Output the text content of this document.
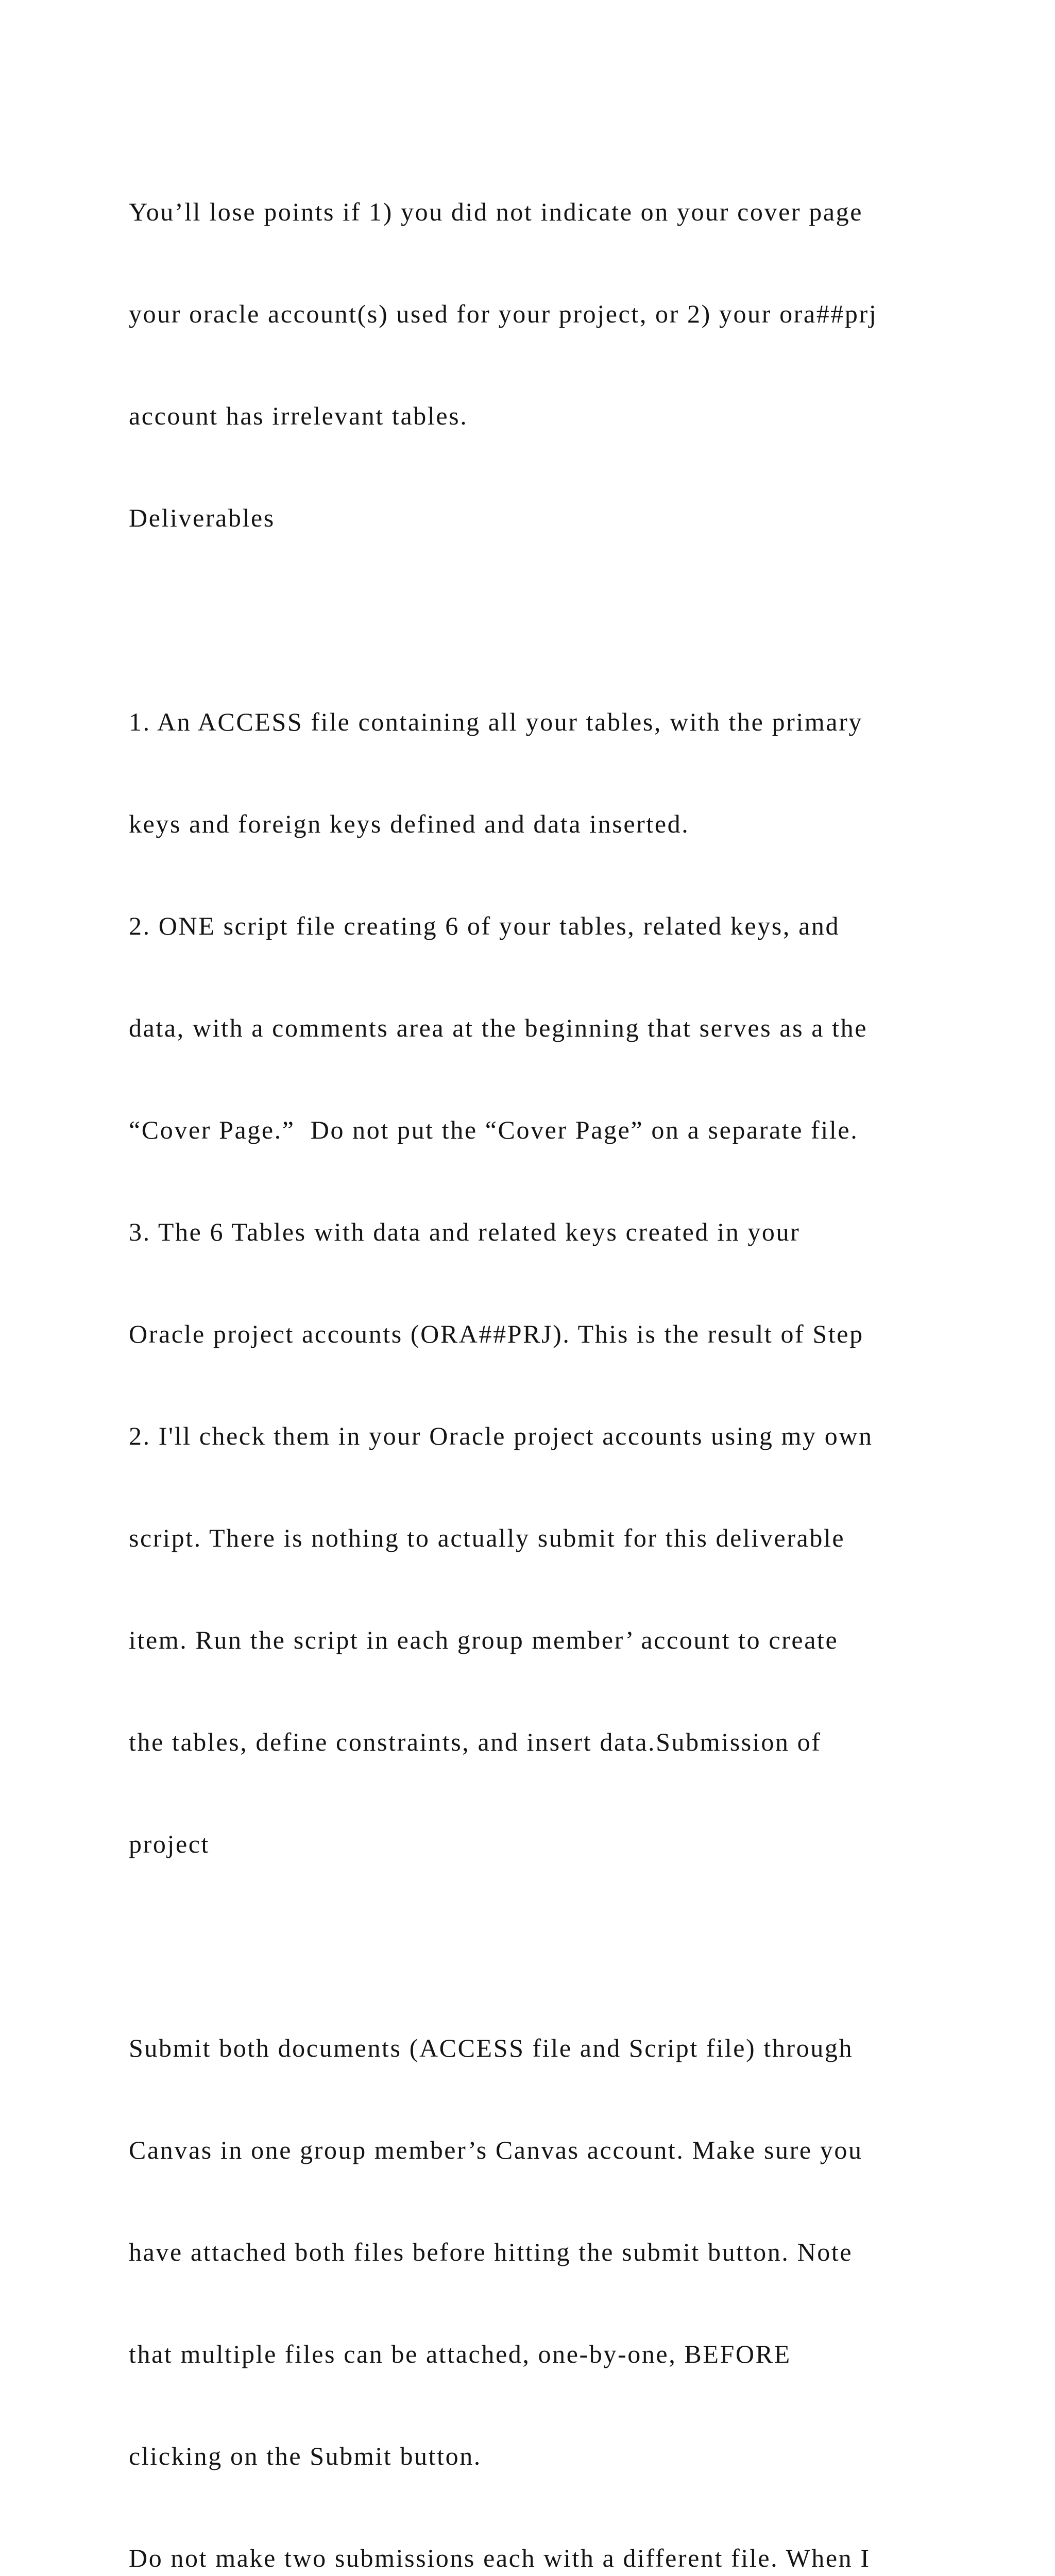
You’ll lose points if 1) you did not indicate on your cover page

your oracle account(s) used for your project, or 2) your ora##prj

account has irrelevant tables.

Deliverables

1. An ACCESS file containing all your tables, with the primary

keys and foreign keys defined and data inserted.

2. ONE script file creating 6 of your tables, related keys, and

data, with a comments area at the beginning that serves as a the

“Cover Page.”  Do not put the “Cover Page” on a separate file.

3. The 6 Tables with data and related keys created in your

Oracle project accounts (ORA##PRJ). This is the result of Step

2. I'll check them in your Oracle project accounts using my own

script. There is nothing to actually submit for this deliverable

item. Run the script in each group member’ account to create

the tables, define constraints, and insert data.Submission of

project

Submit both documents (ACCESS file and Script file) through

Canvas in one group member’s Canvas account. Make sure you

have attached both files before hitting the submit button. Note

that multiple files can be attached, one-by-one, BEFORE

clicking on the Submit button.

Do not make two submissions each with a different file. When I
